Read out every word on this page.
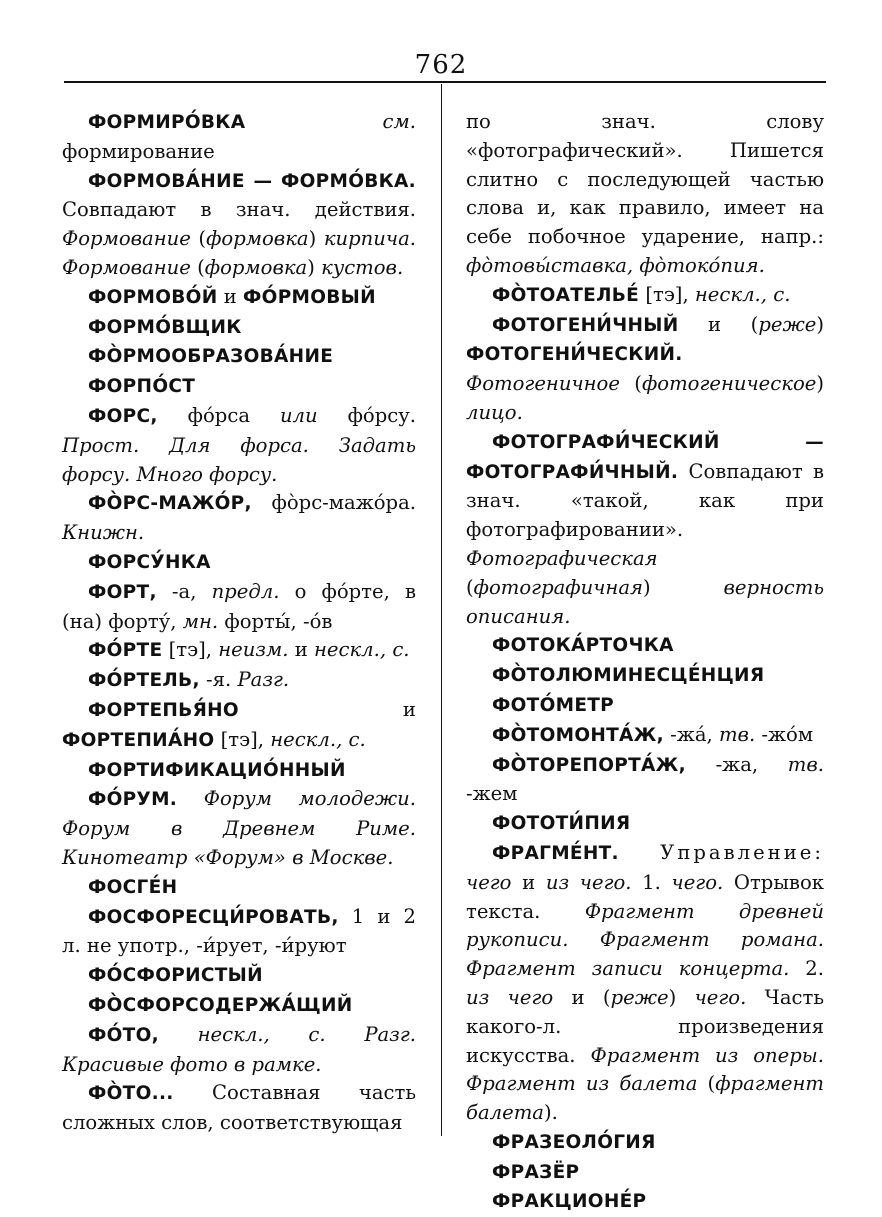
762
ФОРМИРО́ВКА	см. формирование
ФОРМОВА́НИЕ — ФОРМО́ВКА. Совпадают в знач. действия. Формование (формовка) кирпича. Формование (формовка) кустов.
ФОРМОВО́Й и ФО́РМОВЫЙ
ФОРМО́ВЩИК
ФО̀РМООБРАЗОВА́НИЕ
ФОРПО́СТ
ФОРС, фо́рса или фо́рсу. Прост. Для форса. Задать форсу. Много форсу.
ФО̀РС-МАЖО́Р, фо̀рс-мажо́ра. Книжн.
ФОРСУ́НКА
ФОРТ, -а, предл. о фо́рте, в (на) форту́, мн. форты́, -о́в
ФО́РТЕ [тэ], неизм. и нескл., с.
ФО́РТЕЛЬ, -я. Разг.
ФОРТЕПЬЯ́НО и ФОРТЕПИА́НО [тэ], нескл., с.
ФОРТИФИКАЦИО́ННЫЙ
ФО́РУМ. Форум молодежи. Форум в Древнем Риме. Кинотеатр «Форум» в Москве.
ФОСГЕ́Н
ФОСФОРЕСЦИ́РОВАТЬ, 1 и 2 л. не употр., -и́рует, -и́руют
ФО́СФОРИСТЫЙ
ФО̀СФОРСОДЕРЖА́ЩИЙ
ФО́ТО, нескл., с. Разг. Красивые фото в рамке.
ФО̀ТО... Составная часть сложных слов, соответствующая
по знач. слову «фотографический». Пишется слитно с последующей частью слова и, как правило, имеет на себе побочное ударение, напр.: фо̀товы́ставка, фо̀токо́пия.
ФО̀ТОАТЕЛЬЕ́ [тэ], нескл., с.
ФОТОГЕНИ́ЧНЫЙ и (реже) ФОТОГЕНИ́ЧЕСКИЙ. Фотогеничное (фотогеническое) лицо.
ФОТОГРАФИ́ЧЕСКИЙ — ФОТОГРАФИ́ЧНЫЙ. Совпадают в знач. «такой, как при фотографировании». Фотографическая (фотографичная) верность описания.
ФОТОКА́РТОЧКА
ФО̀ТОЛЮМИНЕСЦЕ́НЦИЯ
ФОТО́МЕТР
ФО̀ТОМОНТА́Ж, -жа́, тв. -жо́м
ФО̀ТОРЕПОРТА́Ж, -жа, тв. -жем
ФОТОТИ́ПИЯ
ФРАГМЕ́НТ. Управление: чего и из чего. 1. чего. Отрывок текста. Фрагмент древней рукописи. Фрагмент романа. Фрагмент записи концерта. 2. из чего и (реже) чего. Часть какого-л. произведения искусства. Фрагмент из оперы. Фрагмент из балета (фрагмент балета).
ФРАЗЕОЛО́ГИЯ
ФРАЗЁР
ФРАКЦИОНЕ́Р
